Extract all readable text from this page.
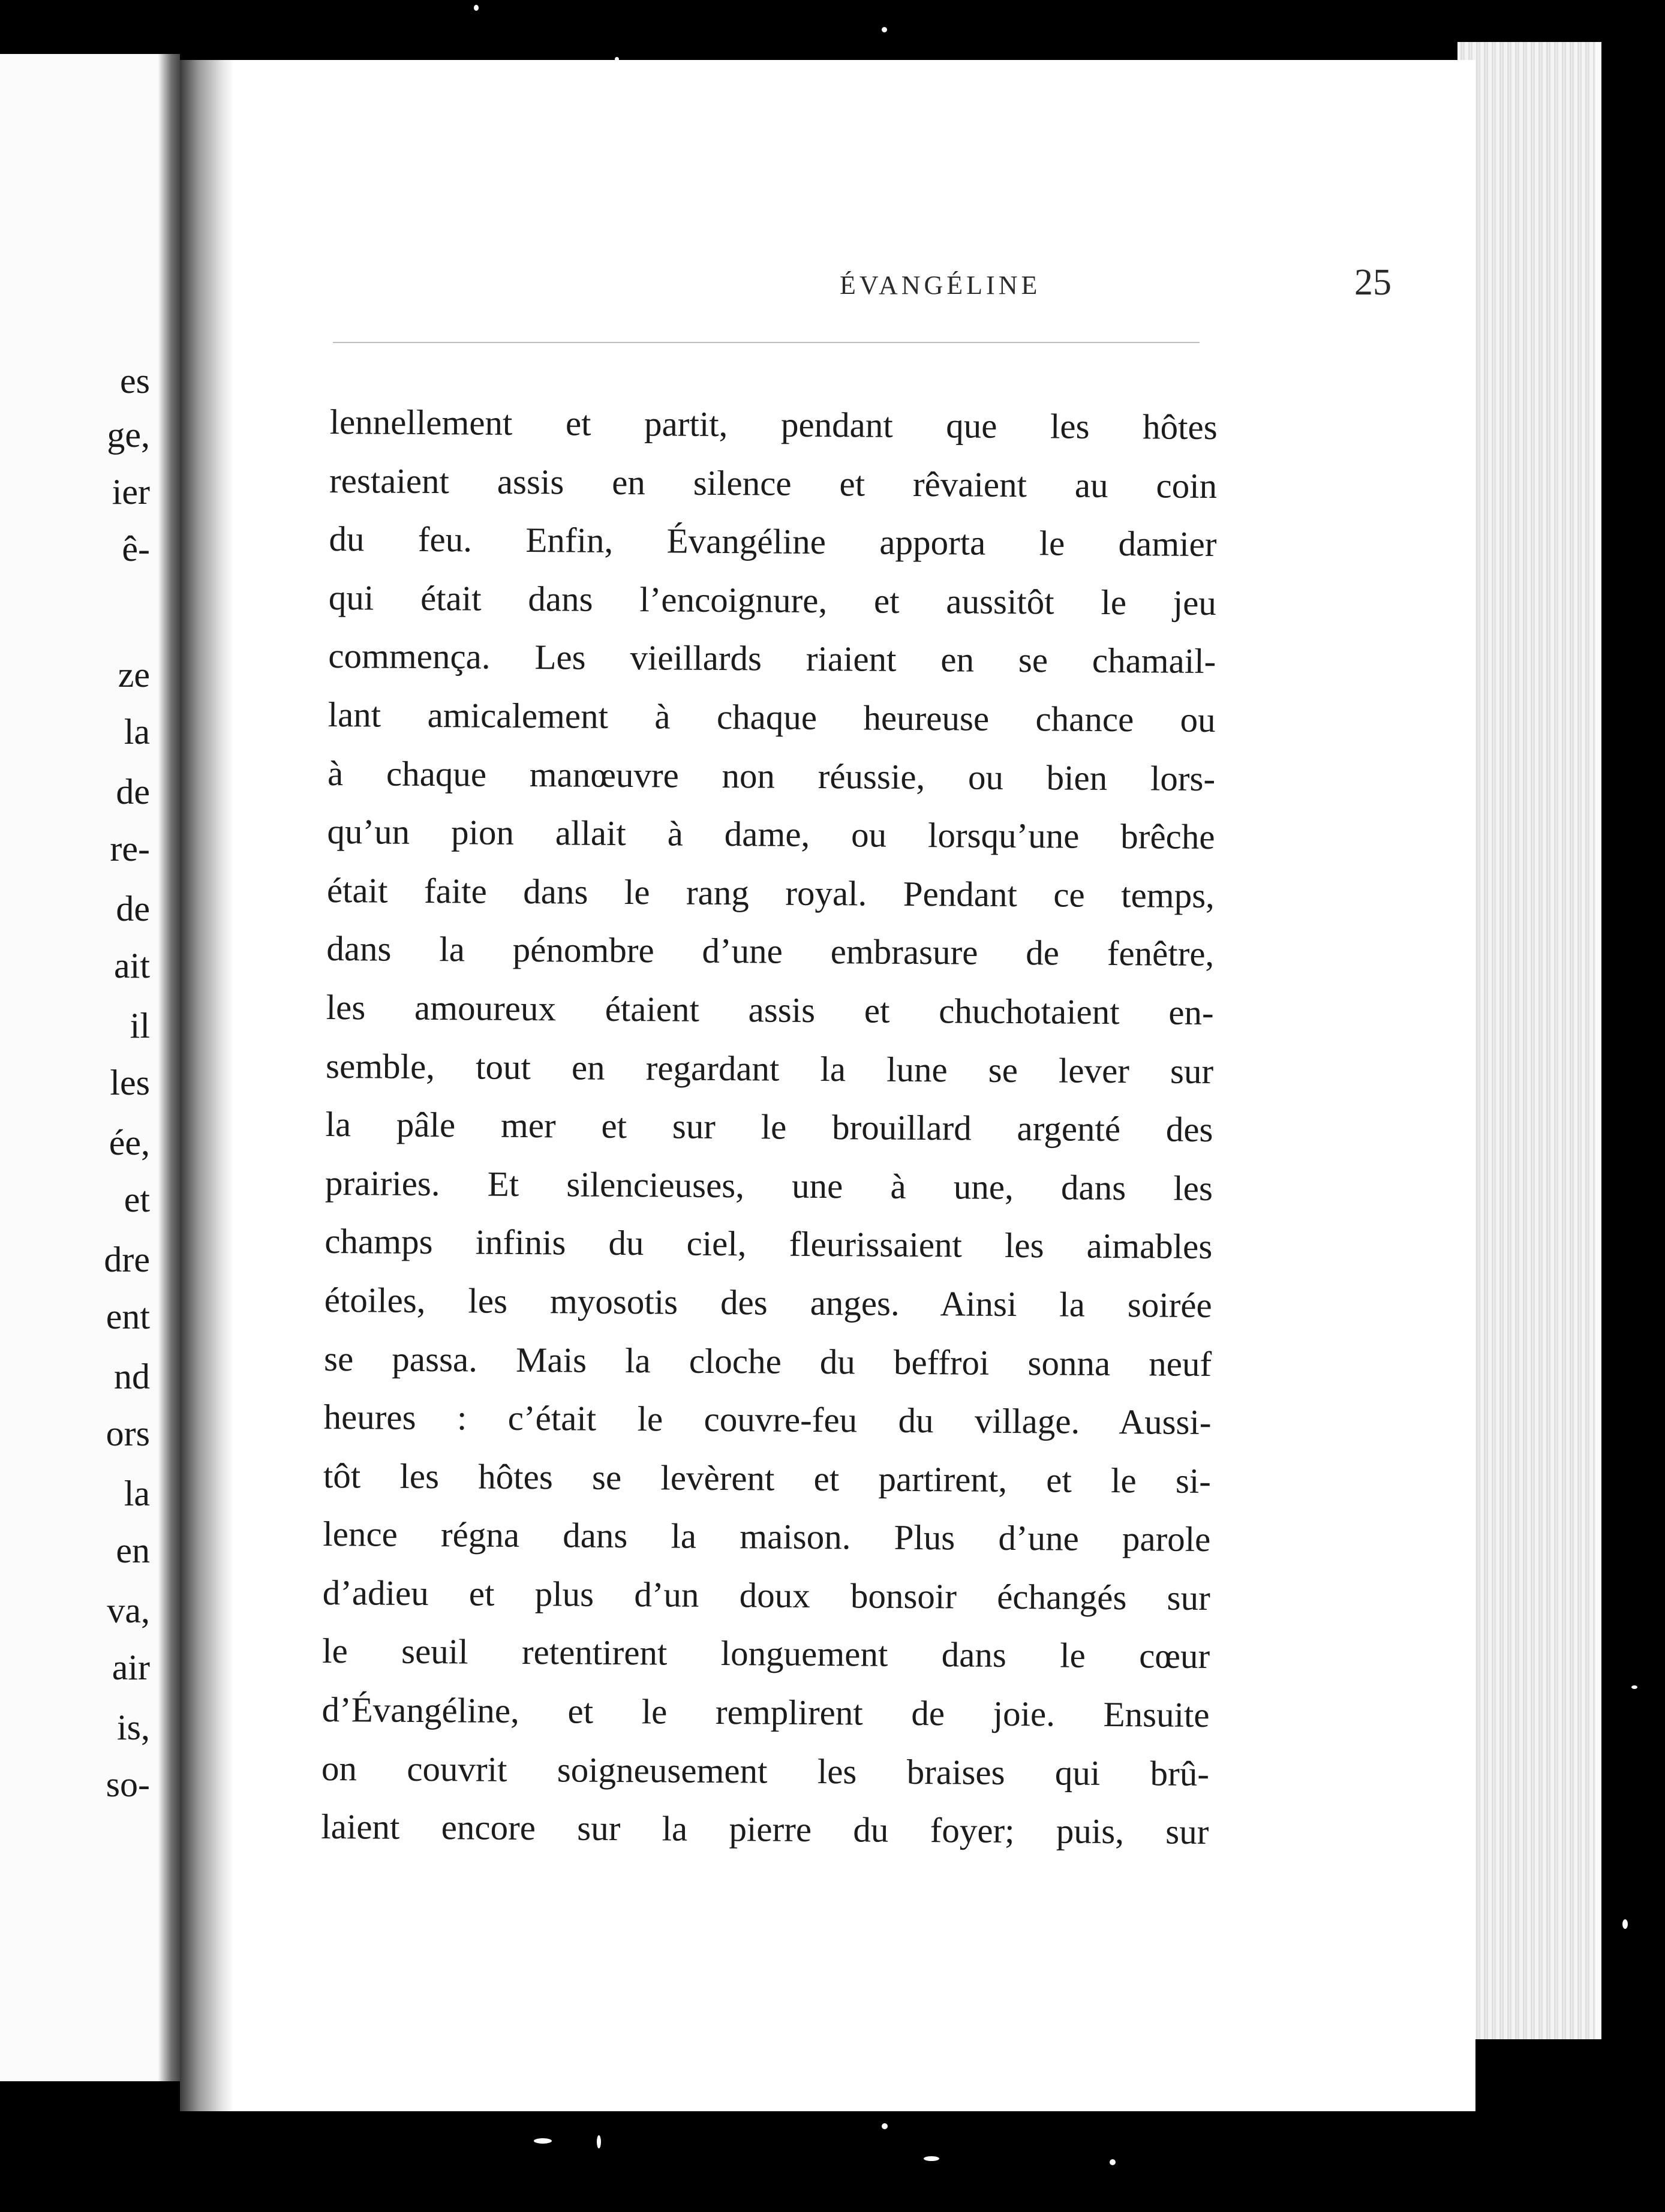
es
ge,
ier
ê-
ze
la
de
re-
de
ait
il
les
ée,
et
dre
ent
nd
ors
la
en
va,
air
is,
so-
ÉVANGÉLINE	25
lennellement et partit, pendant que les hôtes
restaient assis en silence et rêvaient au coin
du feu. Enfin, Évangéline apporta le damier
qui était dans l’encoignure, et aussitôt le jeu
commença. Les vieillards riaient en se chamail-
lant amicalement à chaque heureuse chance ou
à chaque manœuvre non réussie, ou bien lors-
qu’un pion allait à dame, ou lorsqu’une brêche
était faite dans le rang royal. Pendant ce temps,
dans la pénombre d’une embrasure de fenêtre,
les amoureux étaient assis et chuchotaient en-
semble, tout en regardant la lune se lever sur
la pâle mer et sur le brouillard argenté des
prairies. Et silencieuses, une à une, dans les
champs infinis du ciel, fleurissaient les aimables
étoiles, les myosotis des anges. Ainsi la soirée
se passa. Mais la cloche du beffroi sonna neuf
heures : c’était le couvre-feu du village. Aussi-
tôt les hôtes se levèrent et partirent, et le si-
lence régna dans la maison. Plus d’une parole
d’adieu et plus d’un doux bonsoir échangés sur
le seuil retentirent longuement dans le cœur
d’Évangéline, et le remplirent de joie. Ensuite
on couvrit soigneusement les braises qui brû-
laient encore sur la pierre du foyer; puis, sur
